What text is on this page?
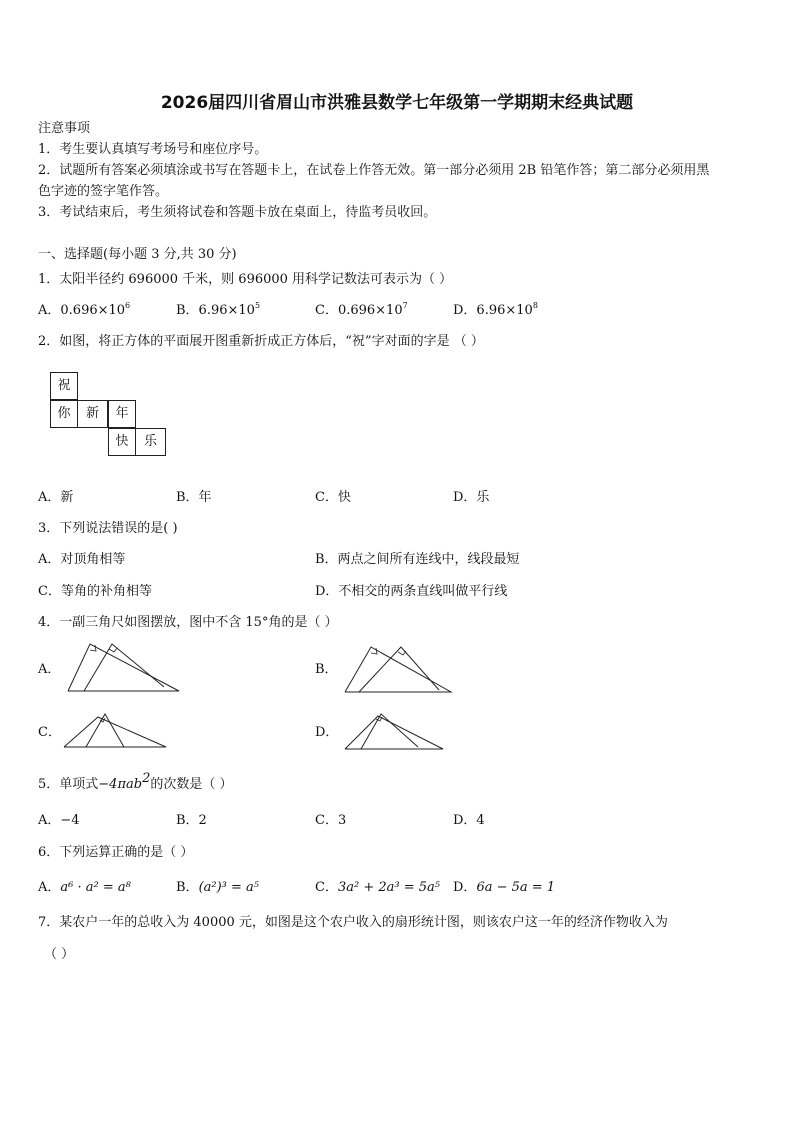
2026届四川省眉山市洪雅县数学七年级第一学期期末经典试题
注意事项
1．考生要认真填写考场号和座位序号。
2．试题所有答案必须填涂或书写在答题卡上，在试卷上作答无效。第一部分必须用 2B 铅笔作答；第二部分必须用黑
色字迹的签字笔作答。
3．考试结束后，考生须将试卷和答题卡放在桌面上，待监考员收回。
一、选择题(每小题 3 分,共 30 分)
1．太阳半径约 696000 千米，则 696000 用科学记数法可表示为（ ）
A．$0.696\times 10^6$	B．$6.96\times 10^5$	C．$0.696\times 10^7$	D．$6.96\times 10^8$
2．如图，将正方体的平面展开图重新折成正方体后，“祝”字对面的字是 （ ）
祝
你	新	年
快	乐
A．新	B．年	C．快	D．乐
3．下列说法错误的是( )
A．对顶角相等	B．两点之间所有连线中，线段最短
C．等角的补角相等	D．不相交的两条直线叫做平行线
4．一副三角尺如图摆放，图中不含 15°角的是（ ）
A．	B．
C．	D．
5．单项式−4πab$^2$的次数是（ ）
A．−4	B．2	C．3	D．4
6．下列运算正确的是（ ）
A．a⁶ · a² = a⁸	B．(a²)³ = a⁵	C．3a² + 2a³ = 5a⁵ D．6a − 5a = 1
7．某农户一年的总收入为 40000 元，如图是这个农户收入的扇形统计图，则该农户这一年的经济作物收入为
（ ）
